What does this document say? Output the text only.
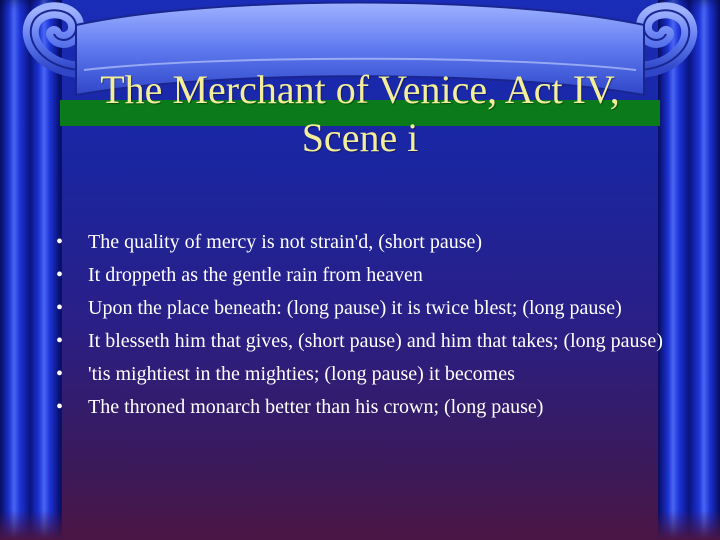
The Merchant of Venice, Act IV, Scene i
•	The quality of mercy is not strain'd, (short pause)
•	It droppeth as the gentle rain from heaven
•	Upon the place beneath: (long pause) it is twice blest; (long pause)
•	It blesseth him that gives, (short pause) and him that takes; (long pause)
•	'tis mightiest in the mighties; (long pause) it becomes
•	The throned monarch better than his crown; (long pause)
